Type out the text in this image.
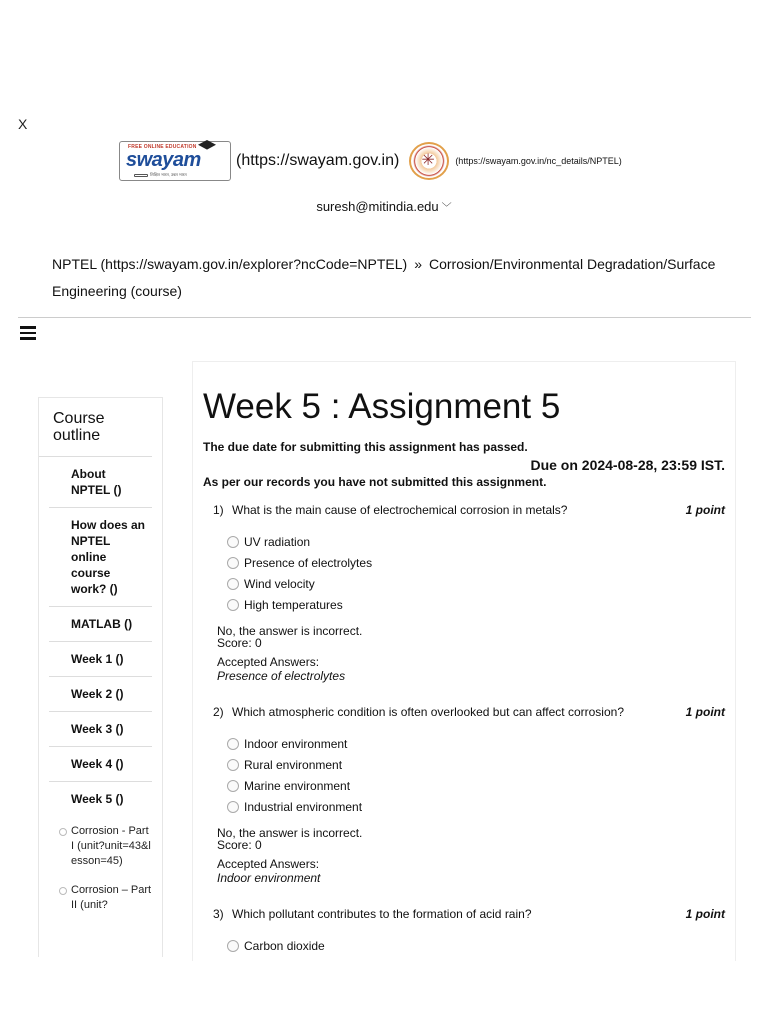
X
FREE ONLINE EDUCATION
swayam
शिक्षित भारत, उन्नत भारत
(https://swayam.gov.in)
✳	(https://swayam.gov.in/nc_details/NPTEL)
suresh@mitindia.edu ﹀
NPTEL (https://swayam.gov.in/explorer?ncCode=NPTEL) » Corrosion/Environmental Degradation/Surface Engineering (course)
Course outline
About NPTEL ()
How does an NPTEL online course work? ()
MATLAB ()
Week 1 ()
Week 2 ()
Week 3 ()
Week 4 ()
Week 5 ()
Corrosion - Part I (unit?unit=43&lesson=45)
Corrosion – Part II (unit?
Week 5 : Assignment 5
The due date for submitting this assignment has passed.
Due on 2024-08-28, 23:59 IST.
As per our records you have not submitted this assignment.
1) What is the main cause of electrochemical corrosion in metals?	1 point
UV radiation
Presence of electrolytes
Wind velocity
High temperatures
No, the answer is incorrect.
Score: 0
Accepted Answers:
Presence of electrolytes
2) Which atmospheric condition is often overlooked but can affect corrosion?	1 point
Indoor environment
Rural environment
Marine environment
Industrial environment
No, the answer is incorrect.
Score: 0
Accepted Answers:
Indoor environment
3) Which pollutant contributes to the formation of acid rain?	1 point
Carbon dioxide
